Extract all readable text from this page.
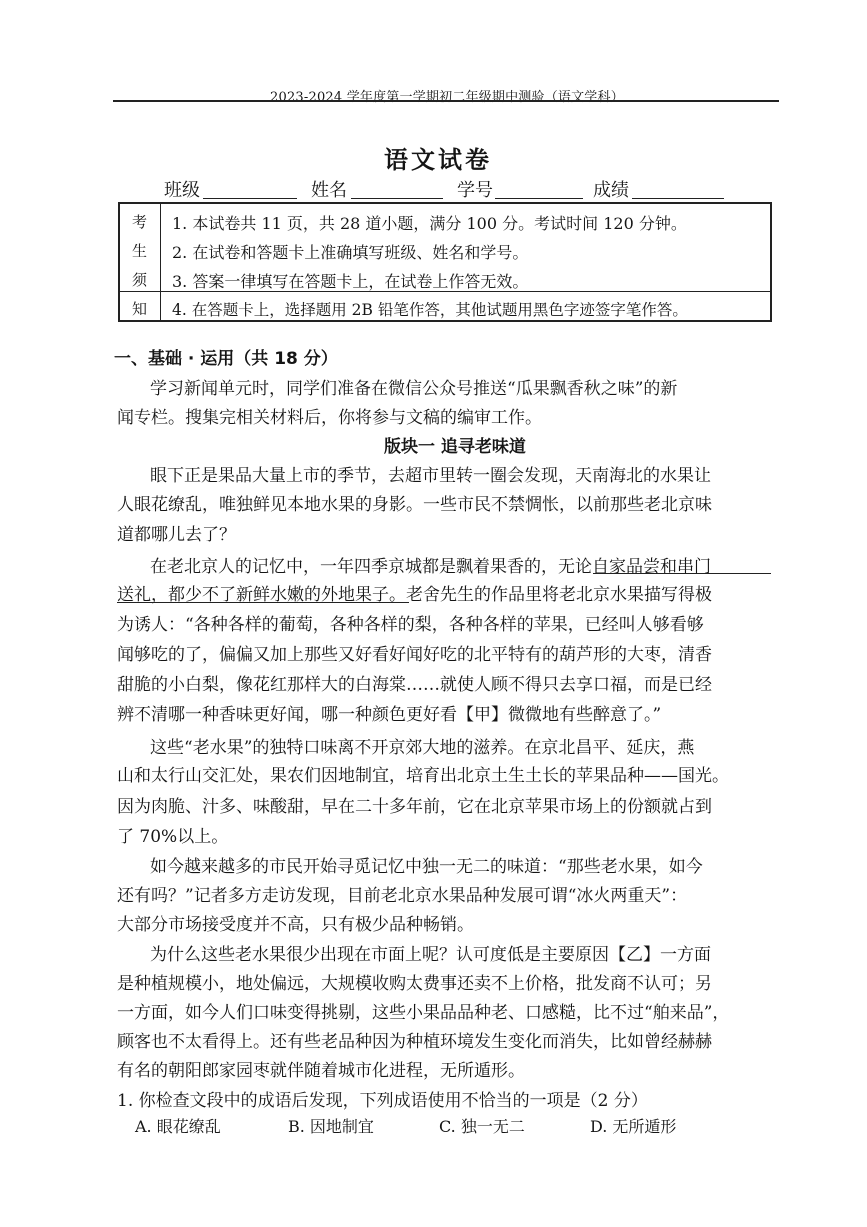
2023-2024 学年度第一学期初二年级期中测验（语文学科）
语文试卷
班级	姓名	学号	成绩
考
生
须
知
1. 本试卷共 11 页，共 28 道小题，满分 100 分。考试时间 120 分钟。
2. 在试卷和答题卡上准确填写班级、姓名和学号。
3. 答案一律填写在答题卡上，在试卷上作答无效。
4. 在答题卡上，选择题用 2B 铅笔作答，其他试题用黑色字迹签字笔作答。
一、基础 · 运用（共 18 分）
学习新闻单元时，同学们准备在微信公众号推送“瓜果飘香秋之味”的新
闻专栏。搜集完相关材料后，你将参与文稿的编审工作。
版块一 追寻老味道
眼下正是果品大量上市的季节，去超市里转一圈会发现，天南海北的水果让
人眼花缭乱，唯独鲜见本地水果的身影。一些市民不禁惆怅，以前那些老北京味
道都哪儿去了？
在老北京人的记忆中，一年四季京城都是飘着果香的，无论自家品尝和串门
送礼，都少不了新鲜水嫩的外地果子。老舍先生的作品里将老北京水果描写得极
为诱人：“各种各样的葡萄，各种各样的梨，各种各样的苹果，已经叫人够看够
闻够吃的了，偏偏又加上那些又好看好闻好吃的北平特有的葫芦形的大枣，清香
甜脆的小白梨，像花红那样大的白海棠……就使人顾不得只去享口福，而是已经
辨不清哪一种香味更好闻，哪一种颜色更好看【甲】微微地有些醉意了。”
这些“老水果”的独特口味离不开京郊大地的滋养。在京北昌平、延庆，燕
山和太行山交汇处，果农们因地制宜，培育出北京土生土长的苹果品种——国光。
因为肉脆、汁多、味酸甜，早在二十多年前，它在北京苹果市场上的份额就占到
了 70%以上。
如今越来越多的市民开始寻觅记忆中独一无二的味道：“那些老水果，如今
还有吗？”记者多方走访发现，目前老北京水果品种发展可谓“冰火两重天”：
大部分市场接受度并不高，只有极少品种畅销。
为什么这些老水果很少出现在市面上呢？认可度低是主要原因【乙】一方面
是种植规模小，地处偏远，大规模收购太费事还卖不上价格，批发商不认可；另
一方面，如今人们口味变得挑剔，这些小果品品种老、口感糙，比不过“舶来品”，
顾客也不太看得上。还有些老品种因为种植环境发生变化而消失，比如曾经赫赫
有名的朝阳郎家园枣就伴随着城市化进程，无所遁形。
1. 你检查文段中的成语后发现，下列成语使用不恰当的一项是（2 分）
A. 眼花缭乱	B. 因地制宜	C. 独一无二	D. 无所遁形
